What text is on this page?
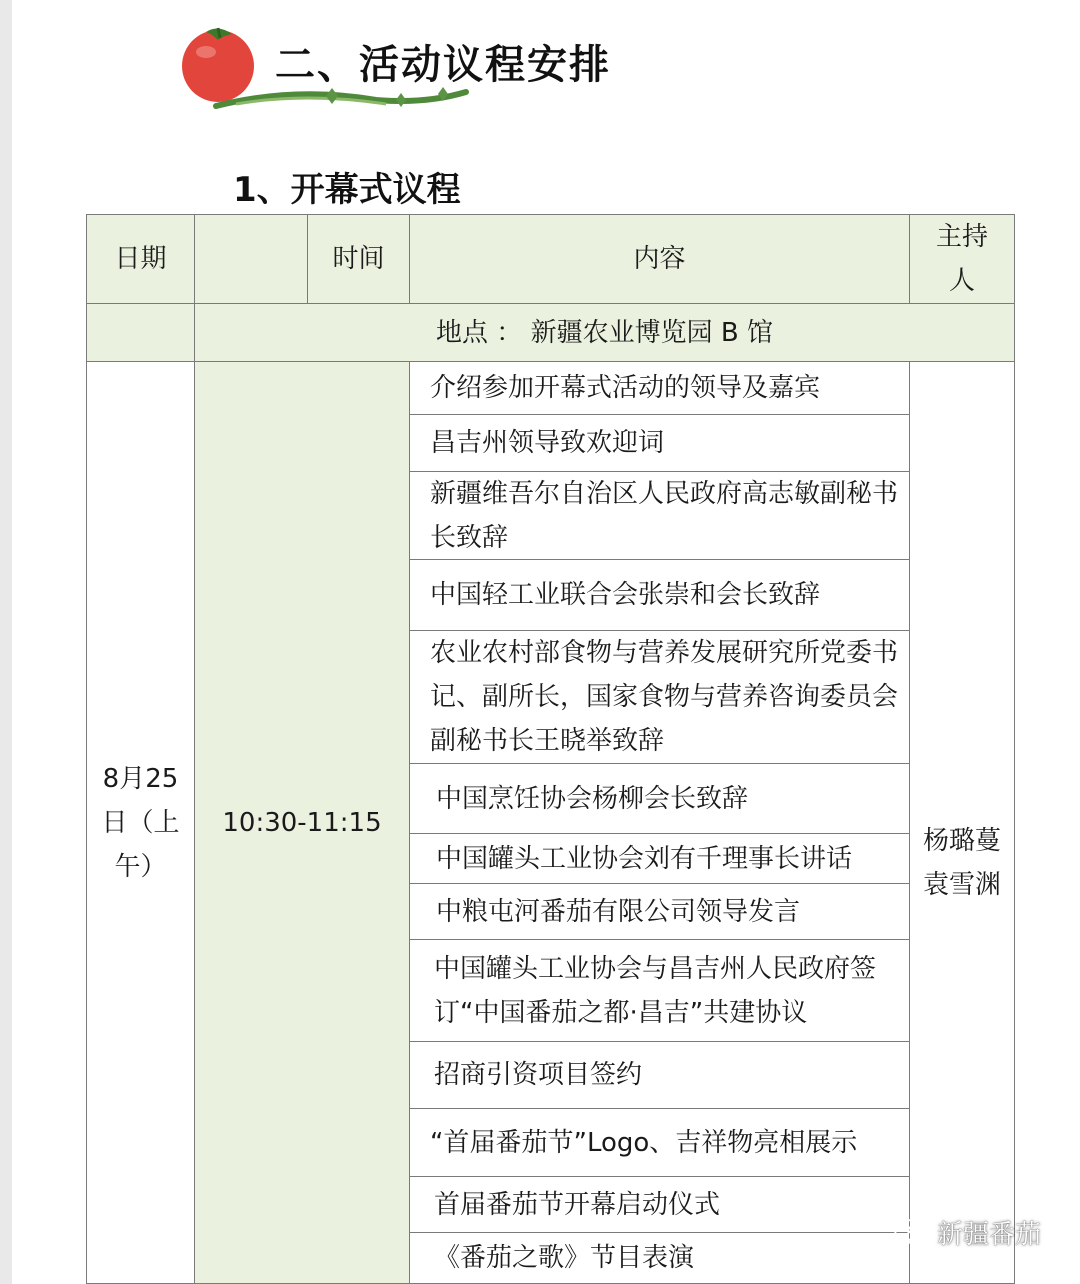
二、活动议程安排
1、开幕式议程
日期	时间	内容
主持人
地点 ： 新疆农业博览园 B 馆
8月25日（上午）
10:30-11:15
杨璐蔓袁雪渊
介绍参加开幕式活动的领导及嘉宾
昌吉州领导致欢迎词
新疆维吾尔自治区人民政府高志敏副秘书长致辞
中国轻工业联合会张崇和会长致辞
农业农村部食物与营养发展研究所党委书记、副所长，国家食物与营养咨询委员会副秘书长王晓举致辞
中国烹饪协会杨柳会长致辞
中国罐头工业协会刘有千理事长讲话
中粮屯河番茄有限公司领导发言
中国罐头工业协会与昌吉州人民政府签订“中国番茄之都·昌吉”共建协议
招商引资项目签约
“首届番茄节”Logo、吉祥物亮相展示
首届番茄节开幕启动仪式
《番茄之歌》节目表演
新疆番茄
